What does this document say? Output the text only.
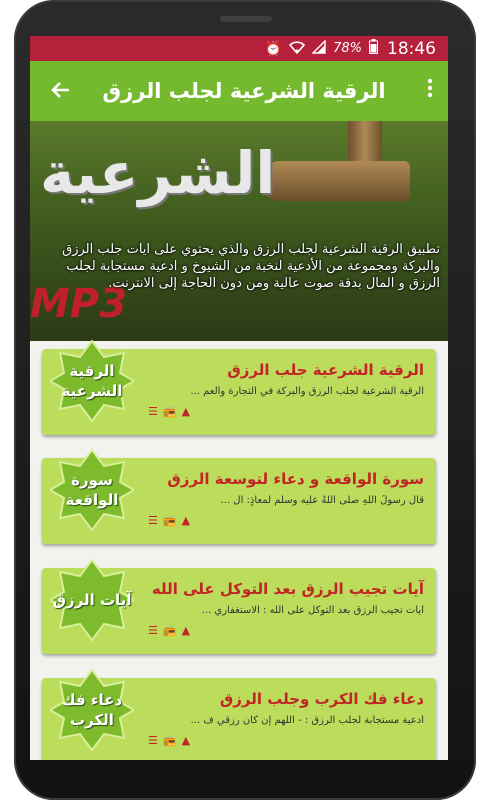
⏰	78% 18:46
الرقية الشرعية لجلب الرزق
الشرعية
MP3
تطبيق الرقية الشرعية لجلب الرزق والذي يحتوي على ايات جلب الرزق والبركة ومجموعة من الأدعية لنخبة من الشيوخ و ادعية مستجابة لجلب الرزق و المال بدقة صوت عالية ومن دون الحاجة إلى الانترنت.
الرقية الشرعية
الرقية الشرعية جلب الرزق
الرقية الشرعية لجلب الرزق والبركة في التجارة والعم ...
☰ 📻 ▲
سورة الواقعة
سورة الواقعة و دعاء لتوسعة الرزق
قال رسولُ اللهِ صلَّى اللهُ عليه وسلَّم لمعاذٍ: أل ...
☰ 📻 ▲
آيات الرزق
آيات تجيب الرزق بعد التوكل على الله
آيات تجيب الرزق بعد التوكل على الله : الاستغفاري ...
☰ 📻 ▲
دعاء فك الكرب
دعاء فك الكرب وجلب الرزق
أدعية مستجابة لجلب الرزق : - اللهم إن كان رزقي ف ...
☰ 📻 ▲
